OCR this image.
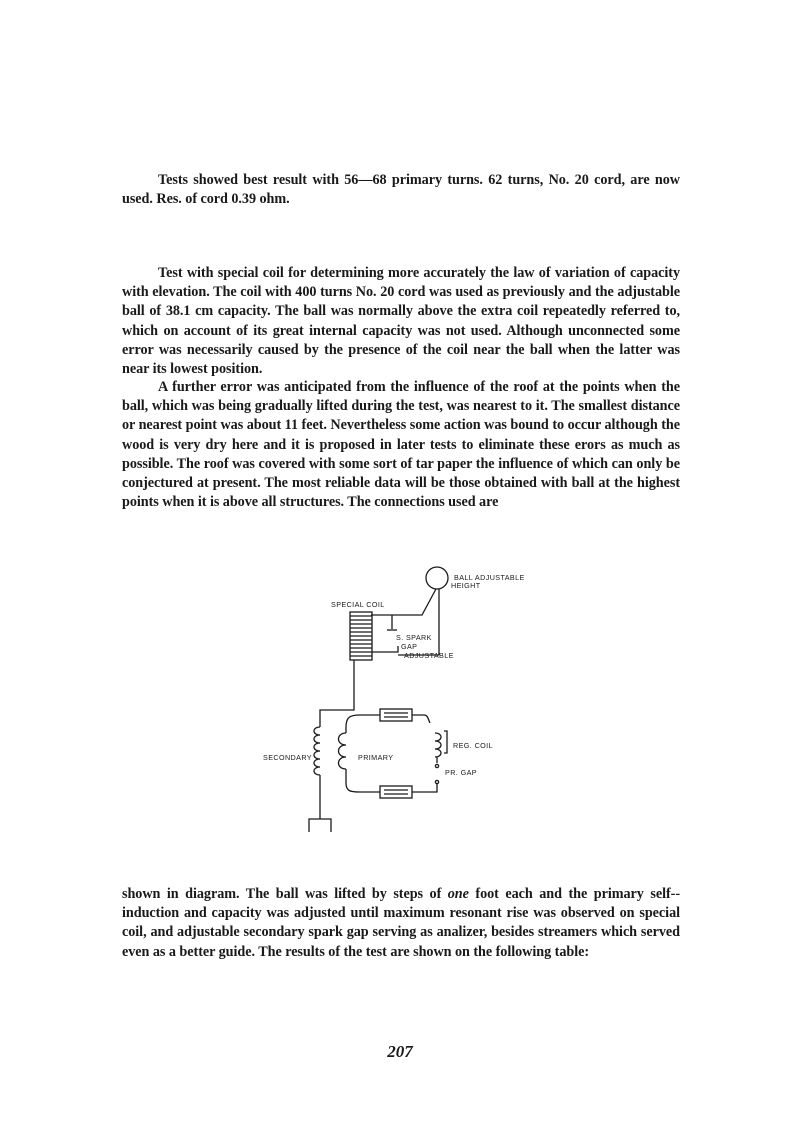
Tests showed best result with 56—68 primary turns. 62 turns, No. 20 cord, are now used. Res. of cord 0.39 ohm.

Test with special coil for determining more accurately the law of variation of capacity with elevation. The coil with 400 turns No. 20 cord was used as previously and the adjustable ball of 38.1 cm capacity. The ball was normally above the extra coil repeatedly referred to, which on account of its great internal capacity was not used. Although unconnected some error was necessarily caused by the presence of the coil near the ball when the latter was near its lowest position.

A further error was anticipated from the influence of the roof at the points when the ball, which was being gradually lifted during the test, was nearest to it. The smallest distance or nearest point was about 11 feet. Nevertheless some action was bound to occur although the wood is very dry here and it is proposed in later tests to eliminate these erors as much as possible. The roof was covered with some sort of tar paper the influence of which can only be conjectured at present. The most reliable data will be those obtained with ball at the highest points when it is above all structures. The connections used are

BALL ADJUSTABLE
HEIGHT
SPECIAL COIL
S. SPARK
GAP
ADJUSTABLE
SECONDARY	PRIMARY
REG. COIL
PR. GAP

shown in diagram. The ball was lifted by steps of one foot each and the primary self--induction and capacity was adjusted until maximum resonant rise was observed on special coil, and adjustable secondary spark gap serving as analizer, besides streamers which served even as a better guide. The results of the test are shown on the following table:

207
